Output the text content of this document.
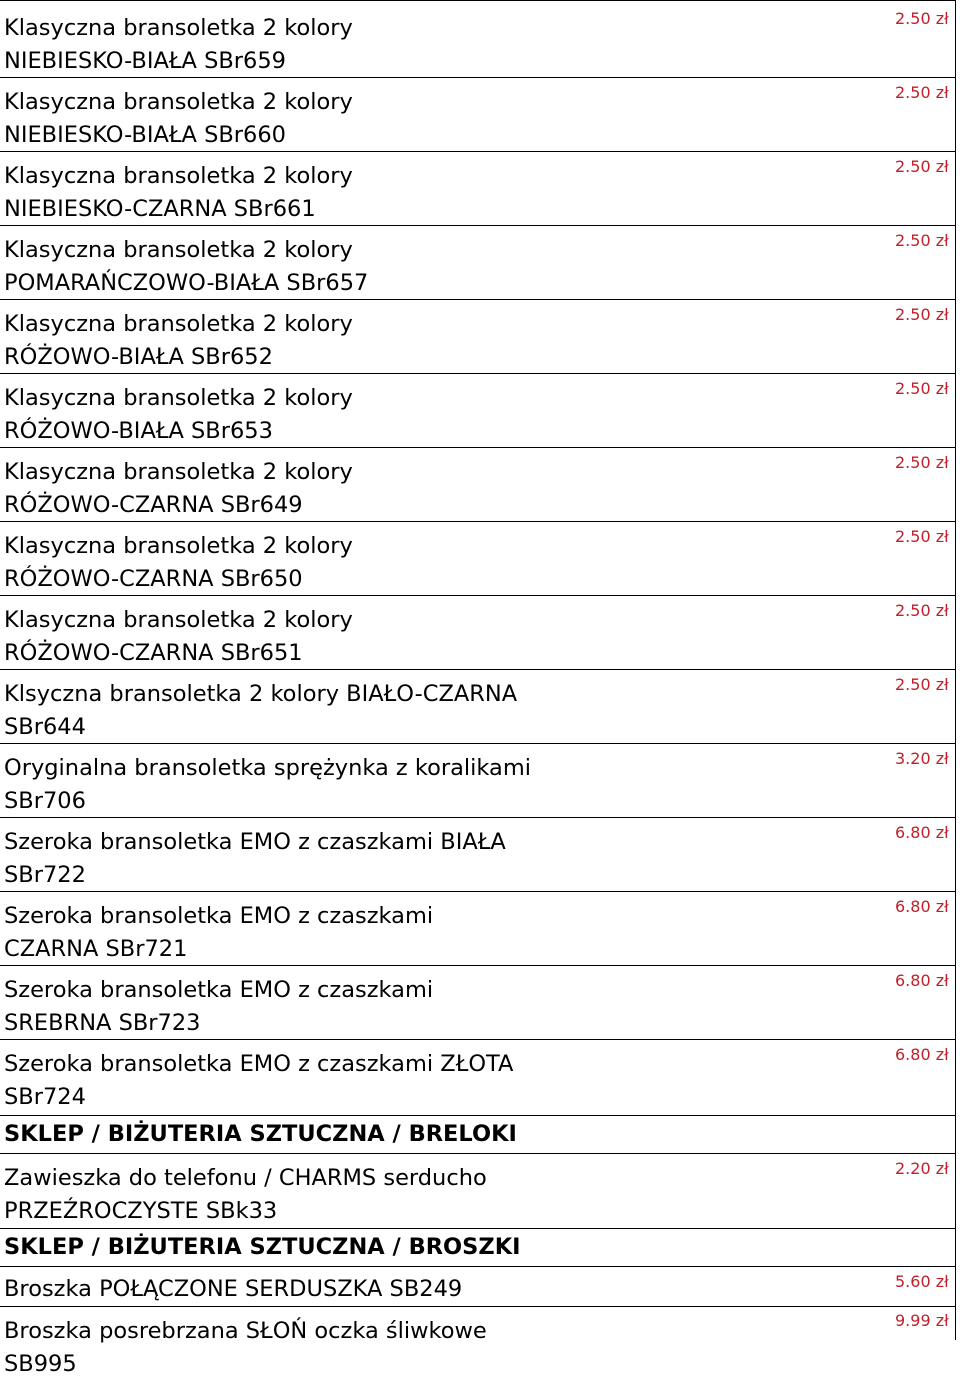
Klasyczna bransoletka 2 kolory
NIEBIESKO-BIAŁA SBr659
2.50 zł
Klasyczna bransoletka 2 kolory
NIEBIESKO-BIAŁA SBr660
2.50 zł
Klasyczna bransoletka 2 kolory
NIEBIESKO-CZARNA SBr661
2.50 zł
Klasyczna bransoletka 2 kolory
POMARAŃCZOWO-BIAŁA SBr657
2.50 zł
Klasyczna bransoletka 2 kolory
RÓŻOWO-BIAŁA SBr652
2.50 zł
Klasyczna bransoletka 2 kolory
RÓŻOWO-BIAŁA SBr653
2.50 zł
Klasyczna bransoletka 2 kolory
RÓŻOWO-CZARNA SBr649
2.50 zł
Klasyczna bransoletka 2 kolory
RÓŻOWO-CZARNA SBr650
2.50 zł
Klasyczna bransoletka 2 kolory
RÓŻOWO-CZARNA SBr651
2.50 zł
Klsyczna bransoletka 2 kolory BIAŁO-CZARNA
SBr644
2.50 zł
Oryginalna bransoletka sprężynka z koralikami
SBr706
3.20 zł
Szeroka bransoletka EMO z czaszkami BIAŁA
SBr722
6.80 zł
Szeroka bransoletka EMO z czaszkami
CZARNA SBr721
6.80 zł
Szeroka bransoletka EMO z czaszkami
SREBRNA SBr723
6.80 zł
Szeroka bransoletka EMO z czaszkami ZŁOTA
SBr724
6.80 zł
SKLEP / BIŻUTERIA SZTUCZNA / BRELOKI
Zawieszka do telefonu / CHARMS serducho
PRZEŹROCZYSTE SBk33
2.20 zł
SKLEP / BIŻUTERIA SZTUCZNA / BROSZKI
Broszka POŁĄCZONE SERDUSZKA SB249	5.60 zł
Broszka posrebrzana SŁOŃ oczka śliwkowe
SB995
9.99 zł
